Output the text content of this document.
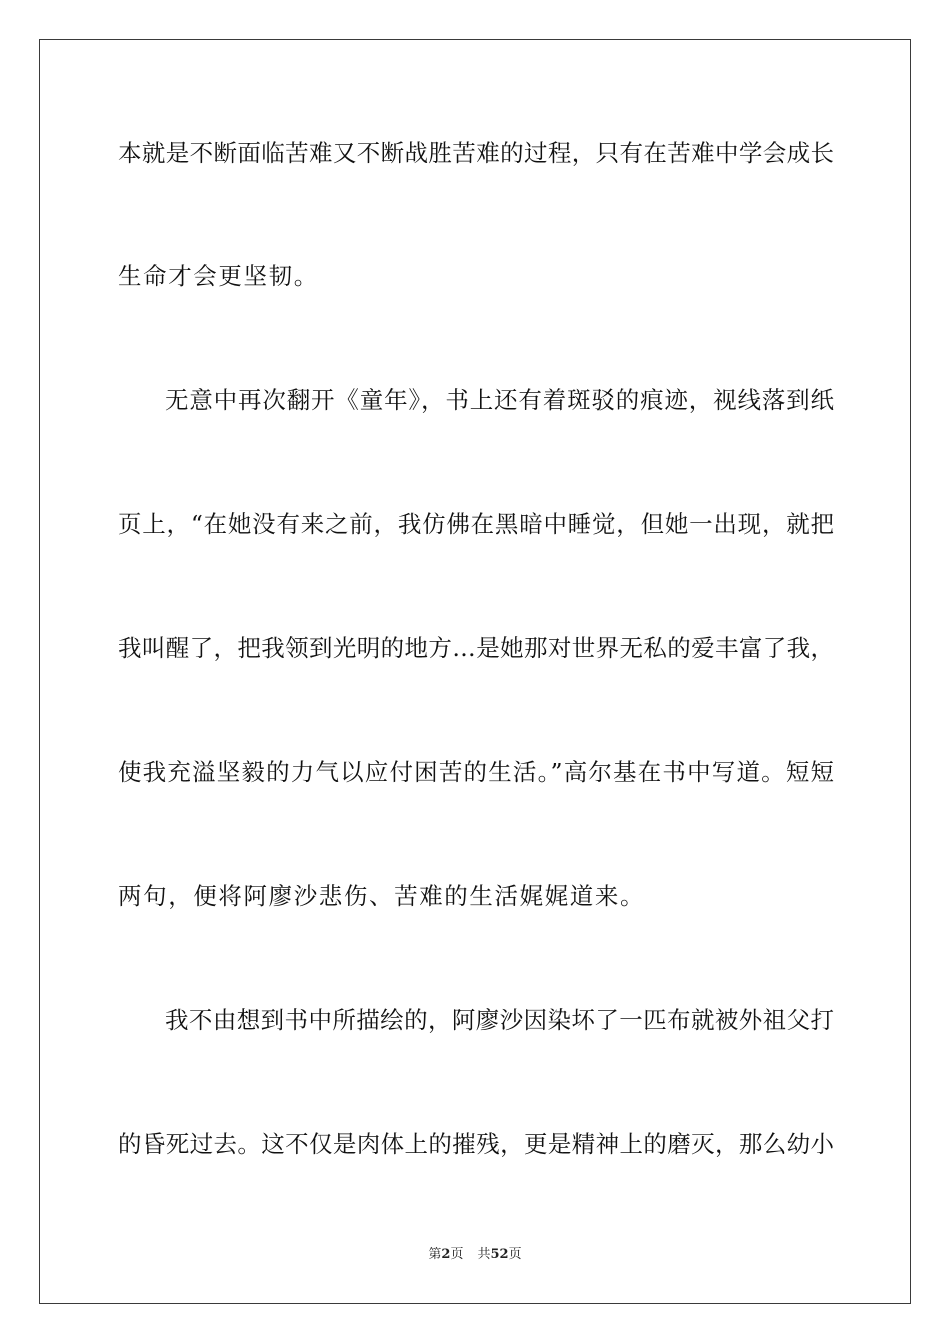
本就是不断面临苦难又不断战胜苦难的过程，只有在苦难中学会成长
生命才会更坚韧。
无意中再次翻开《童年》，书上还有着斑驳的痕迹，视线落到纸
页上，“在她没有来之前，我仿佛在黑暗中睡觉，但她一出现，就把
我叫醒了，把我领到光明的地方…是她那对世界无私的爱丰富了我，
使我充溢坚毅的力气以应付困苦的生活。”高尔基在书中写道。短短
两句，便将阿廖沙悲伤、苦难的生活娓娓道来。
我不由想到书中所描绘的，阿廖沙因染坏了一匹布就被外祖父打
的昏死过去。这不仅是肉体上的摧残，更是精神上的磨灭，那么幼小
第2页 共52页
